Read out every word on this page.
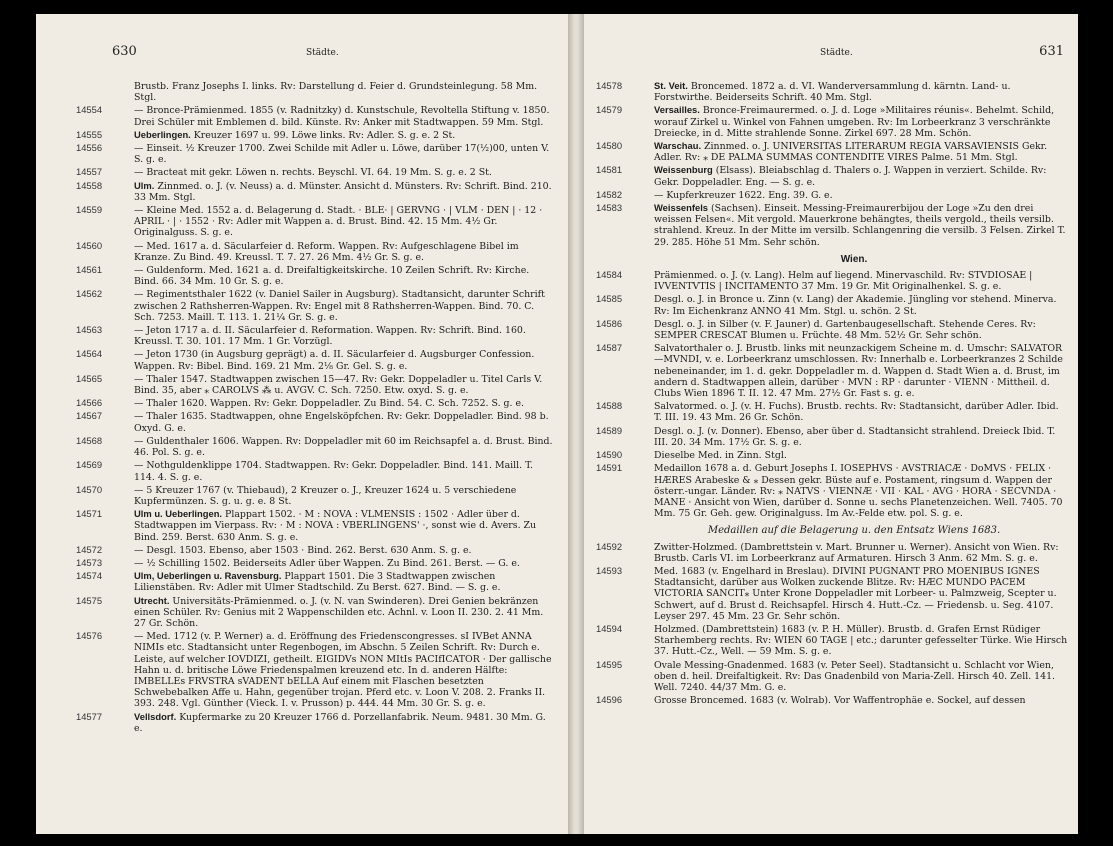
630	Städte.
Brustb. Franz Josephs I. links. Rv: Darstellung d. Feier d. Grundsteinlegung. 58 Mm. Stgl.
14554	— Bronce-Prämienmed. 1855 (v. Radnitzky) d. Kunstschule, Revoltella Stiftung v. 1850. Drei Schüler mit Emblemen d. bild. Künste. Rv: Anker mit Stadtwappen. 59 Mm. Stgl.
14555	Ueberlingen. Kreuzer 1697 u. 99. Löwe links. Rv: Adler. S. g. e. 2 St.
14556	— Einseit. ½ Kreuzer 1700. Zwei Schilde mit Adler u. Löwe, darüber 17(½)00, unten V. S. g. e.
14557	— Bracteat mit gekr. Löwen n. rechts. Beyschl. VI. 64. 19 Mm. S. g. e. 2 St.
14558	Ulm. Zinnmed. o. J. (v. Neuss) a. d. Münster. Ansicht d. Münsters. Rv: Schrift. Bind. 210. 33 Mm. Stgl.
14559	— Kleine Med. 1552 a. d. Belagerung d. Stadt. · BLE· | GERVNG · | VLM · DEN | · 12 · APRIL · | · 1552 · Rv: Adler mit Wappen a. d. Brust. Bind. 42. 15 Mm. 4½ Gr. Originalguss. S. g. e.
14560	— Med. 1617 a. d. Säcularfeier d. Reform. Wappen. Rv: Aufgeschlagene Bibel im Kranze. Zu Bind. 49. Kreussl. T. 7. 27. 26 Mm. 4½ Gr. S. g. e.
14561	— Guldenform. Med. 1621 a. d. Dreifaltigkeitskirche. 10 Zeilen Schrift. Rv: Kirche. Bind. 66. 34 Mm. 10 Gr. S. g. e.
14562	— Regimentsthaler 1622 (v. Daniel Sailer in Augsburg). Stadtansicht, darunter Schrift zwischen 2 Rathsherren-Wappen. Rv: Engel mit 8 Rathsherren-Wappen. Bind. 70. C. Sch. 7253. Maill. T. 113. 1. 21¼ Gr. S. g. e.
14563	— Jeton 1717 a. d. II. Säcularfeier d. Reformation. Wappen. Rv: Schrift. Bind. 160. Kreussl. T. 30. 101. 17 Mm. 1 Gr. Vorzügl.
14564	— Jeton 1730 (in Augsburg geprägt) a. d. II. Säcularfeier d. Augsburger Confession. Wappen. Rv: Bibel. Bind. 169. 21 Mm. 2⅛ Gr. Gel. S. g. e.
14565	— Thaler 1547. Stadtwappen zwischen 15—47. Rv: Gekr. Doppeladler u. Titel Carls V. Bind. 35, aber ⁎ CAROLVS ⁂ u. AVGV. C. Sch. 7250. Etw. oxyd. S. g. e.
14566	— Thaler 1620. Wappen. Rv: Gekr. Doppeladler. Zu Bind. 54. C. Sch. 7252. S. g. e.
14567	— Thaler 1635. Stadtwappen, ohne Engelsköpfchen. Rv: Gekr. Doppeladler. Bind. 98 b. Oxyd. G. e.
14568	— Guldenthaler 1606. Wappen. Rv: Doppeladler mit 60 im Reichsapfel a. d. Brust. Bind. 46. Pol. S. g. e.
14569	— Nothguldenklippe 1704. Stadtwappen. Rv: Gekr. Doppeladler. Bind. 141. Maill. T. 114. 4. S. g. e.
14570	— 5 Kreuzer 1767 (v. Thiebaud), 2 Kreuzer o. J., Kreuzer 1624 u. 5 verschiedene Kupfermünzen. S. g. u. g. e. 8 St.
14571	Ulm u. Ueberlingen. Plappart 1502. · M : NOVA : VLMENSIS : 1502 · Adler über d. Stadtwappen im Vierpass. Rv: · M : NOVA : VBERLINGENS' ·, sonst wie d. Avers. Zu Bind. 259. Berst. 630 Anm. S. g. e.
14572	— Desgl. 1503. Ebenso, aber 1503 · Bind. 262. Berst. 630 Anm. S. g. e.
14573	— ½ Schilling 1502. Beiderseits Adler über Wappen. Zu Bind. 261. Berst. — G. e.
14574	Ulm, Ueberlingen u. Ravensburg. Plappart 1501. Die 3 Stadtwappen zwischen Lilienstäben. Rv: Adler mit Ulmer Stadtschild. Zu Berst. 627. Bind. — S. g. e.
14575	Utrecht. Universitäts-Prämienmed. o. J. (v. N. van Swinderen). Drei Genien bekränzen einen Schüler. Rv: Genius mit 2 Wappenschilden etc. Achnl. v. Loon II. 230. 2. 41 Mm. 27 Gr. Schön.
14576	— Med. 1712 (v. P. Werner) a. d. Eröffnung des Friedenscongresses. sI IVBet ANNA NIMIs etc. Stadtansicht unter Regenbogen, im Abschn. 5 Zeilen Schrift. Rv: Durch e. Leiste, auf welcher IOVDIZI, getheilt. EIGIDVs NON MItIs PACIfICATOR · Der gallische Hahn u. d. britische Löwe Friedenspalmen kreuzend etc. In d. anderen Hälfte: IMBELLEs FRVSTRA sVADENT bELLA Auf einem mit Flaschen besetzten Schwebebalken Affe u. Hahn, gegenüber trojan. Pferd etc. v. Loon V. 208. 2. Franks II. 393. 248. Vgl. Günther (Vieck. I. v. Prusson) p. 444. 44 Mm. 30 Gr. S. g. e.
14577	Vellsdorf. Kupfermarke zu 20 Kreuzer 1766 d. Porzellanfabrik. Neum. 9481. 30 Mm. G. e.
Städte.	631
14578	St. Veit. Broncemed. 1872 a. d. VI. Wanderversammlung d. kärntn. Land- u. Forstwirthe. Beiderseits Schrift. 40 Mm. Stgl.
14579	Versailles. Bronce-Freimaurermed. o. J. d. Loge »Militaires réunis«. Behelmt. Schild, worauf Zirkel u. Winkel von Fahnen umgeben. Rv: Im Lorbeerkranz 3 verschränkte Dreiecke, in d. Mitte strahlende Sonne. Zirkel 697. 28 Mm. Schön.
14580	Warschau. Zinnmed. o. J. UNIVERSITAS LITERARUM REGIA VARSAVIENSIS Gekr. Adler. Rv: ⁎ DE PALMA SUMMAS CONTENDITE VIRES Palme. 51 Mm. Stgl.
14581	Weissenburg (Elsass). Bleiabschlag d. Thalers o. J. Wappen in verziert. Schilde. Rv: Gekr. Doppeladler. Eng. — S. g. e.
14582	— Kupferkreuzer 1622. Eng. 39. G. e.
14583	Weissenfels (Sachsen). Einseit. Messing-Freimaurerbijou der Loge »Zu den drei weissen Felsen«. Mit vergold. Mauerkrone behängtes, theils vergold., theils versilb. strahlend. Kreuz. In der Mitte im versilb. Schlangenring die versilb. 3 Felsen. Zirkel T. 29. 285. Höhe 51 Mm. Sehr schön.
Wien.
14584	Prämienmed. o. J. (v. Lang). Helm auf liegend. Minervaschild. Rv: STVDIOSAE | IVVENTVTIS | INCITAMENTO 37 Mm. 19 Gr. Mit Originalhenkel. S. g. e.
14585	Desgl. o. J. in Bronce u. Zinn (v. Lang) der Akademie. Jüngling vor stehend. Minerva. Rv: Im Eichenkranz ANNO 41 Mm. Stgl. u. schön. 2 St.
14586	Desgl. o. J. in Silber (v. F. Jauner) d. Gartenbaugesellschaft. Stehende Ceres. Rv: SEMPER CRESCAT Blumen u. Früchte. 48 Mm. 52½ Gr. Sehr schön.
14587	Salvatorthaler o. J. Brustb. links mit neunzackigem Scheine m. d. Umschr: SALVATOR—MVNDI, v. e. Lorbeerkranz umschlossen. Rv: Innerhalb e. Lorbeerkranzes 2 Schilde nebeneinander, im 1. d. gekr. Doppeladler m. d. Wappen d. Stadt Wien a. d. Brust, im andern d. Stadtwappen allein, darüber · MVN : RP · darunter · VIENN · Mittheil. d. Clubs Wien 1896 T. II. 12. 47 Mm. 27½ Gr. Fast s. g. e.
14588	Salvatormed. o. J. (v. H. Fuchs). Brustb. rechts. Rv: Stadtansicht, darüber Adler. Ibid. T. III. 19. 43 Mm. 26 Gr. Schön.
14589	Desgl. o. J. (v. Donner). Ebenso, aber über d. Stadtansicht strahlend. Dreieck Ibid. T. III. 20. 34 Mm. 17½ Gr. S. g. e.
14590	Dieselbe Med. in Zinn. Stgl.
14591	Medaillon 1678 a. d. Geburt Josephs I. IOSEPHVS · AVSTRIACÆ · DoMVS · FELIX · HÆRES Arabeske & ⁎ Dessen gekr. Büste auf e. Postament, ringsum d. Wappen der österr.-ungar. Länder. Rv: ⁎ NATVS · VIENNÆ · VII · KAL · AVG · HORA · SECVNDA · MANE · Ansicht von Wien, darüber d. Sonne u. sechs Planetenzeichen. Well. 7405. 70 Mm. 75 Gr. Geh. gew. Originalguss. Im Av.-Felde etw. pol. S. g. e.
Medaillen auf die Belagerung u. den Entsatz Wiens 1683.
14592	Zwitter-Holzmed. (Dambrettstein v. Mart. Brunner u. Werner). Ansicht von Wien. Rv: Brustb. Carls VI. im Lorbeerkranz auf Armaturen. Hirsch 3 Anm. 62 Mm. S. g. e.
14593	Med. 1683 (v. Engelhard in Breslau). DIVINI PUGNANT PRO MOENIBUS IGNES Stadtansicht, darüber aus Wolken zuckende Blitze. Rv: HÆC MUNDO PACEM VICTORIA SANCIT⁎ Unter Krone Doppeladler mit Lorbeer- u. Palmzweig, Scepter u. Schwert, auf d. Brust d. Reichsapfel. Hirsch 4. Hutt.-Cz. — Friedensb. u. Seg. 4107. Leyser 297. 45 Mm. 23 Gr. Sehr schön.
14594	Holzmed. (Dambrettstein) 1683 (v. P. H. Müller). Brustb. d. Grafen Ernst Rüdiger Starhemberg rechts. Rv: WIEN 60 TAGE | etc.; darunter gefesselter Türke. Wie Hirsch 37. Hutt.-Cz., Well. — 59 Mm. S. g. e.
14595	Ovale Messing-Gnadenmed. 1683 (v. Peter Seel). Stadtansicht u. Schlacht vor Wien, oben d. heil. Dreifaltigkeit. Rv: Das Gnadenbild von Maria-Zell. Hirsch 40. Zell. 141. Well. 7240. 44/37 Mm. G. e.
14596	Grosse Broncemed. 1683 (v. Wolrab). Vor Waffentrophäe e. Sockel, auf dessen
